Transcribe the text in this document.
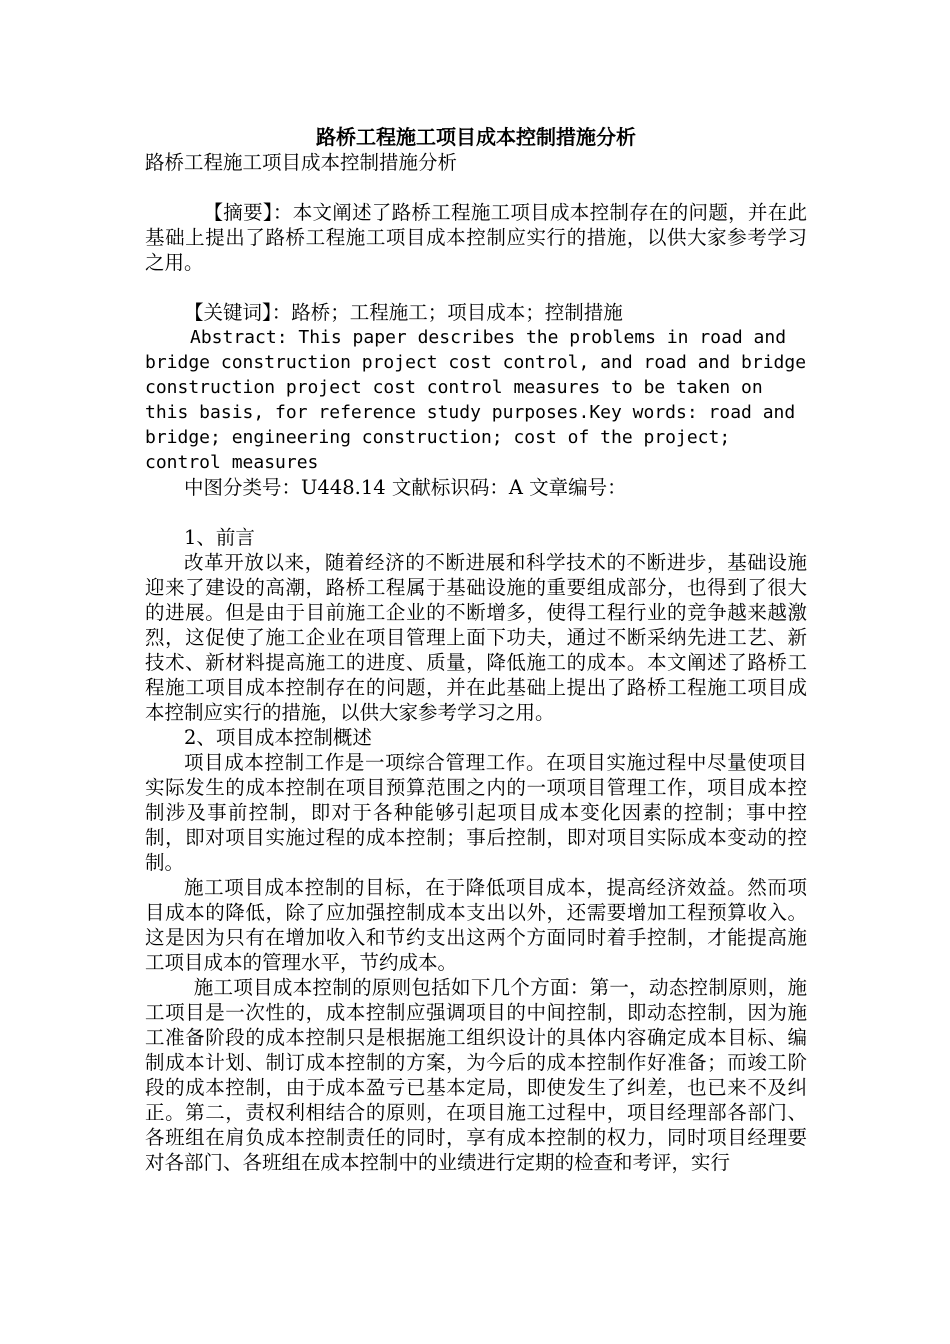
路桥工程施工项目成本控制措施分析

路桥工程施工项目成本控制措施分析

【摘要】：本文阐述了路桥工程施工项目成本控制存在的问题，并在此基础上提出了路桥工程施工项目成本控制应实行的措施，以供大家参考学习之用。

【关键词】：路桥；工程施工；项目成本；控制措施

Abstract: This paper describes the problems in road and bridge construction project cost control, and road and bridge construction project cost control measures to be taken on this basis, for reference study purposes.Key words: road and bridge; engineering construction; cost of the project; control measures

中图分类号：U448.14 文献标识码：A 文章编号：

1、前言

改革开放以来，随着经济的不断进展和科学技术的不断进步，基础设施迎来了建设的高潮，路桥工程属于基础设施的重要组成部分，也得到了很大的进展。但是由于目前施工企业的不断增多，使得工程行业的竞争越来越激烈，这促使了施工企业在项目管理上面下功夫，通过不断采纳先进工艺、新技术、新材料提高施工的进度、质量，降低施工的成本。本文阐述了路桥工程施工项目成本控制存在的问题，并在此基础上提出了路桥工程施工项目成本控制应实行的措施，以供大家参考学习之用。

2、项目成本控制概述

项目成本控制工作是一项综合管理工作。在项目实施过程中尽量使项目实际发生的成本控制在项目预算范围之内的一项项目管理工作，项目成本控制涉及事前控制，即对于各种能够引起项目成本变化因素的控制；事中控制，即对项目实施过程的成本控制；事后控制，即对项目实际成本变动的控制。

施工项目成本控制的目标，在于降低项目成本，提高经济效益。然而项目成本的降低，除了应加强控制成本支出以外，还需要增加工程预算收入。这是因为只有在增加收入和节约支出这两个方面同时着手控制，才能提高施工项目成本的管理水平，节约成本。

施工项目成本控制的原则包括如下几个方面：第一，动态控制原则，施工项目是一次性的，成本控制应强调项目的中间控制，即动态控制，因为施工准备阶段的成本控制只是根据施工组织设计的具体内容确定成本目标、编制成本计划、制订成本控制的方案，为今后的成本控制作好准备；而竣工阶段的成本控制，由于成本盈亏已基本定局，即使发生了纠差，也已来不及纠正。第二，责权利相结合的原则，在项目施工过程中，项目经理部各部门、各班组在肩负成本控制责任的同时，享有成本控制的权力，同时项目经理要对各部门、各班组在成本控制中的业绩进行定期的检查和考评，实行
